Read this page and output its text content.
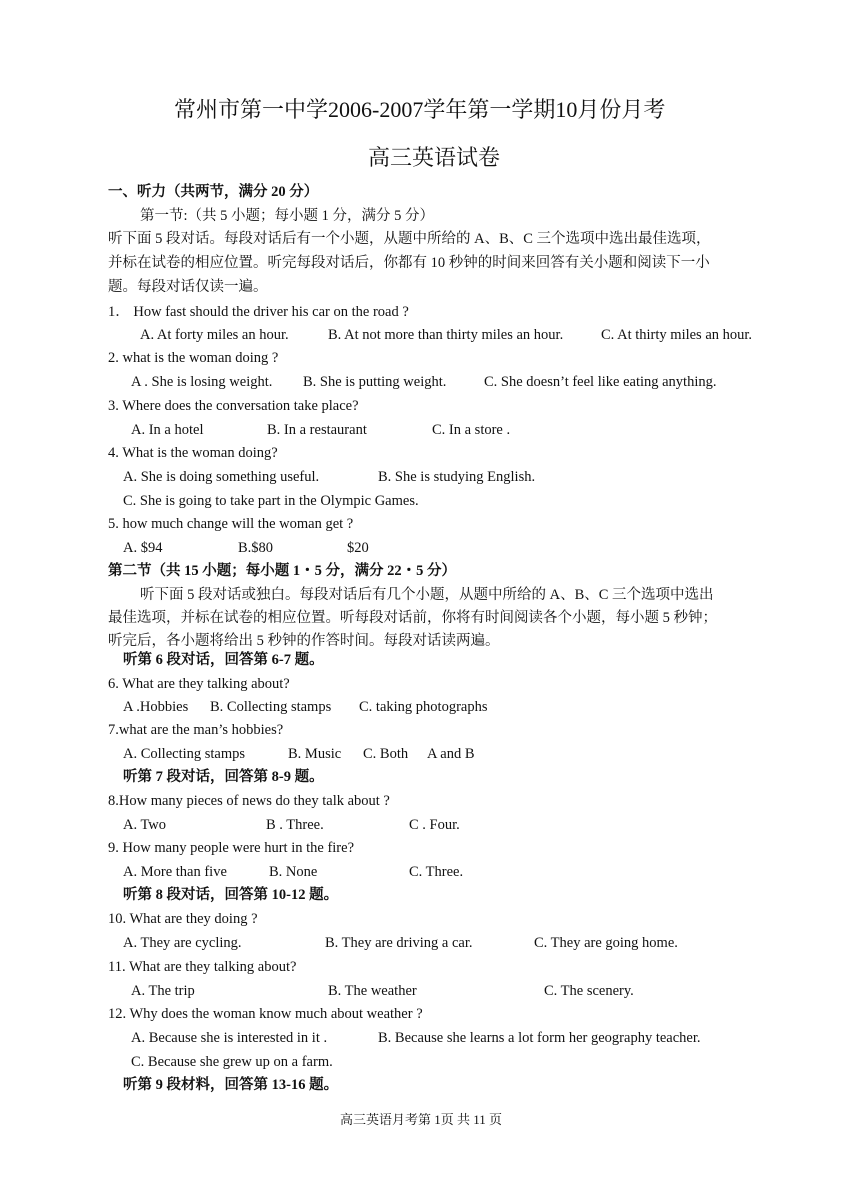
常州市第一中学2006-2007学年第一学期10月份月考
高三英语试卷
一、听力（共两节，满分 20 分）
第一节:（共 5 小题；每小题 1 分，满分 5 分）
听下面 5 段对话。每段对话后有一个小题，从题中所给的 A、B、C 三个选项中选出最佳选项，
并标在试卷的相应位置。听完每段对话后，你都有 10 秒钟的时间来回答有关小题和阅读下一小
题。每段对话仅读一遍。
1． How fast should the driver his car on the road ?
A. At forty miles an hour.	B. At not more than thirty miles an hour.	C. At thirty miles an hour.
2. what is the woman doing ?
A . She is losing weight. B. She is putting weight.	C. She doesn’t feel like eating anything.
3. Where does the conversation take place?
A. In a hotel	B. In a restaurant	C. In a store .
4. What is the woman doing?
A. She is doing something useful.	B. She is studying English.
C. She is going to take part in the Olympic Games.
5. how much change will the woman get ?
A. $94	B.$80	$20
第二节（共 15 小题；每小题 1・5 分，满分 22・5 分）
听下面 5 段对话或独白。每段对话后有几个小题，从题中所给的 A、B、C 三个选项中选出
最佳选项，并标在试卷的相应位置。听每段对话前，你将有时间阅读各个小题，每小题 5 秒钟；
听完后，各小题将给出 5 秒钟的作答时间。每段对话读两遍。
听第 6 段对话，回答第 6-7 题。
6. What are they talking about?
A .Hobbies B. Collecting stamps C. taking photographs
7.what are the man’s hobbies?
A. Collecting stamps	B. Music C. Both A and B
听第 7 段对话，回答第 8-9 题。
8.How many pieces of news do they talk about ?
A. Two	B . Three.	C . Four.
9. How many people were hurt in the fire?
A. More than five	B. None	C. Three.
听第 8 段对话，回答第 10-12 题。
10. What are they doing ?
A. They are cycling.	B. They are driving a car.	C. They are going home.
11. What are they talking about?
A. The trip	B. The weather	C. The scenery.
12. Why does the woman know much about weather ?
A. Because she is interested in it .	B. Because she learns a lot form her geography teacher.
C. Because she grew up on a farm.
听第 9 段材料，回答第 13-16 题。
高三英语月考第 1页 共 11 页
